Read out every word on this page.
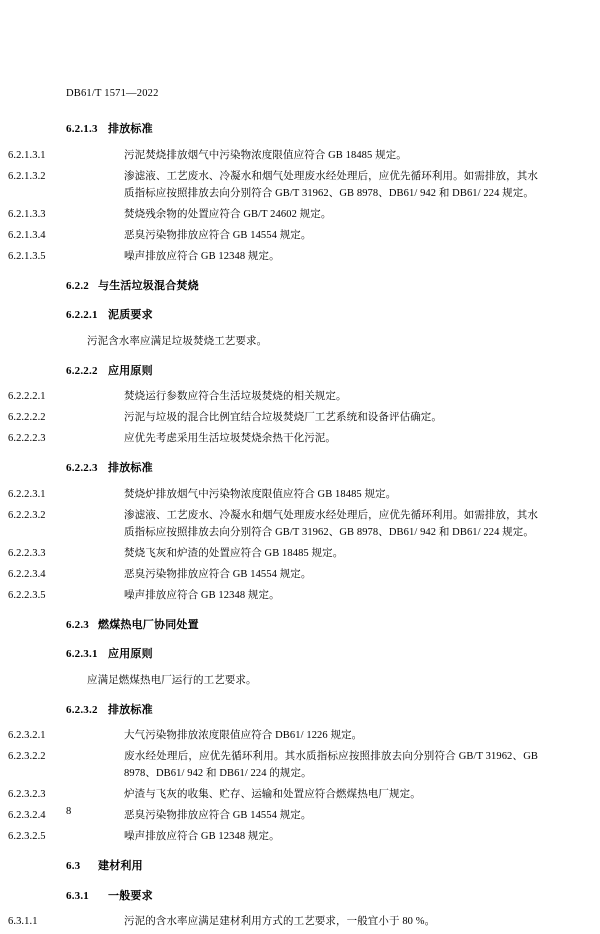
DB61/T 1571—2022
6.2.1.3 排放标准
6.2.1.3.1	污泥焚烧排放烟气中污染物浓度限值应符合 GB 18485 规定。
6.2.1.3.2	渗滤液、工艺废水、冷凝水和烟气处理废水经处理后，应优先循环利用。如需排放，其水质指标应按照排放去向分别符合 GB/T 31962、GB 8978、DB61/ 942 和 DB61/ 224 规定。
6.2.1.3.3	焚烧残余物的处置应符合 GB/T 24602 规定。
6.2.1.3.4	恶臭污染物排放应符合 GB 14554 规定。
6.2.1.3.5	噪声排放应符合 GB 12348 规定。
6.2.2 与生活垃圾混合焚烧
6.2.2.1 泥质要求
污泥含水率应满足垃圾焚烧工艺要求。
6.2.2.2 应用原则
6.2.2.2.1	焚烧运行参数应符合生活垃圾焚烧的相关规定。
6.2.2.2.2	污泥与垃圾的混合比例宜结合垃圾焚烧厂工艺系统和设备评估确定。
6.2.2.2.3	应优先考虑采用生活垃圾焚烧余热干化污泥。
6.2.2.3 排放标准
6.2.2.3.1	焚烧炉排放烟气中污染物浓度限值应符合 GB 18485 规定。
6.2.2.3.2	渗滤液、工艺废水、冷凝水和烟气处理废水经处理后，应优先循环利用。如需排放，其水质指标应按照排放去向分别符合 GB/T 31962、GB 8978、DB61/ 942 和 DB61/ 224 规定。
6.2.2.3.3	焚烧飞灰和炉渣的处置应符合 GB 18485 规定。
6.2.2.3.4	恶臭污染物排放应符合 GB 14554 规定。
6.2.2.3.5	噪声排放应符合 GB 12348 规定。
6.2.3 燃煤热电厂协同处置
6.2.3.1 应用原则
应满足燃煤热电厂运行的工艺要求。
6.2.3.2 排放标准
6.2.3.2.1	大气污染物排放浓度限值应符合 DB61/ 1226 规定。
6.2.3.2.2	废水经处理后，应优先循环利用。其水质指标应按照排放去向分别符合 GB/T 31962、GB 8978、DB61/ 942 和 DB61/ 224 的规定。
6.2.3.2.3	炉渣与飞灰的收集、贮存、运输和处置应符合燃煤热电厂规定。
6.2.3.2.4	恶臭污染物排放应符合 GB 14554 规定。
6.2.3.2.5	噪声排放应符合 GB 12348 规定。
6.3 建材利用
6.3.1 一般要求
6.3.1.1	污泥的含水率应满足建材利用方式的工艺要求，一般宜小于 80 %。
8
